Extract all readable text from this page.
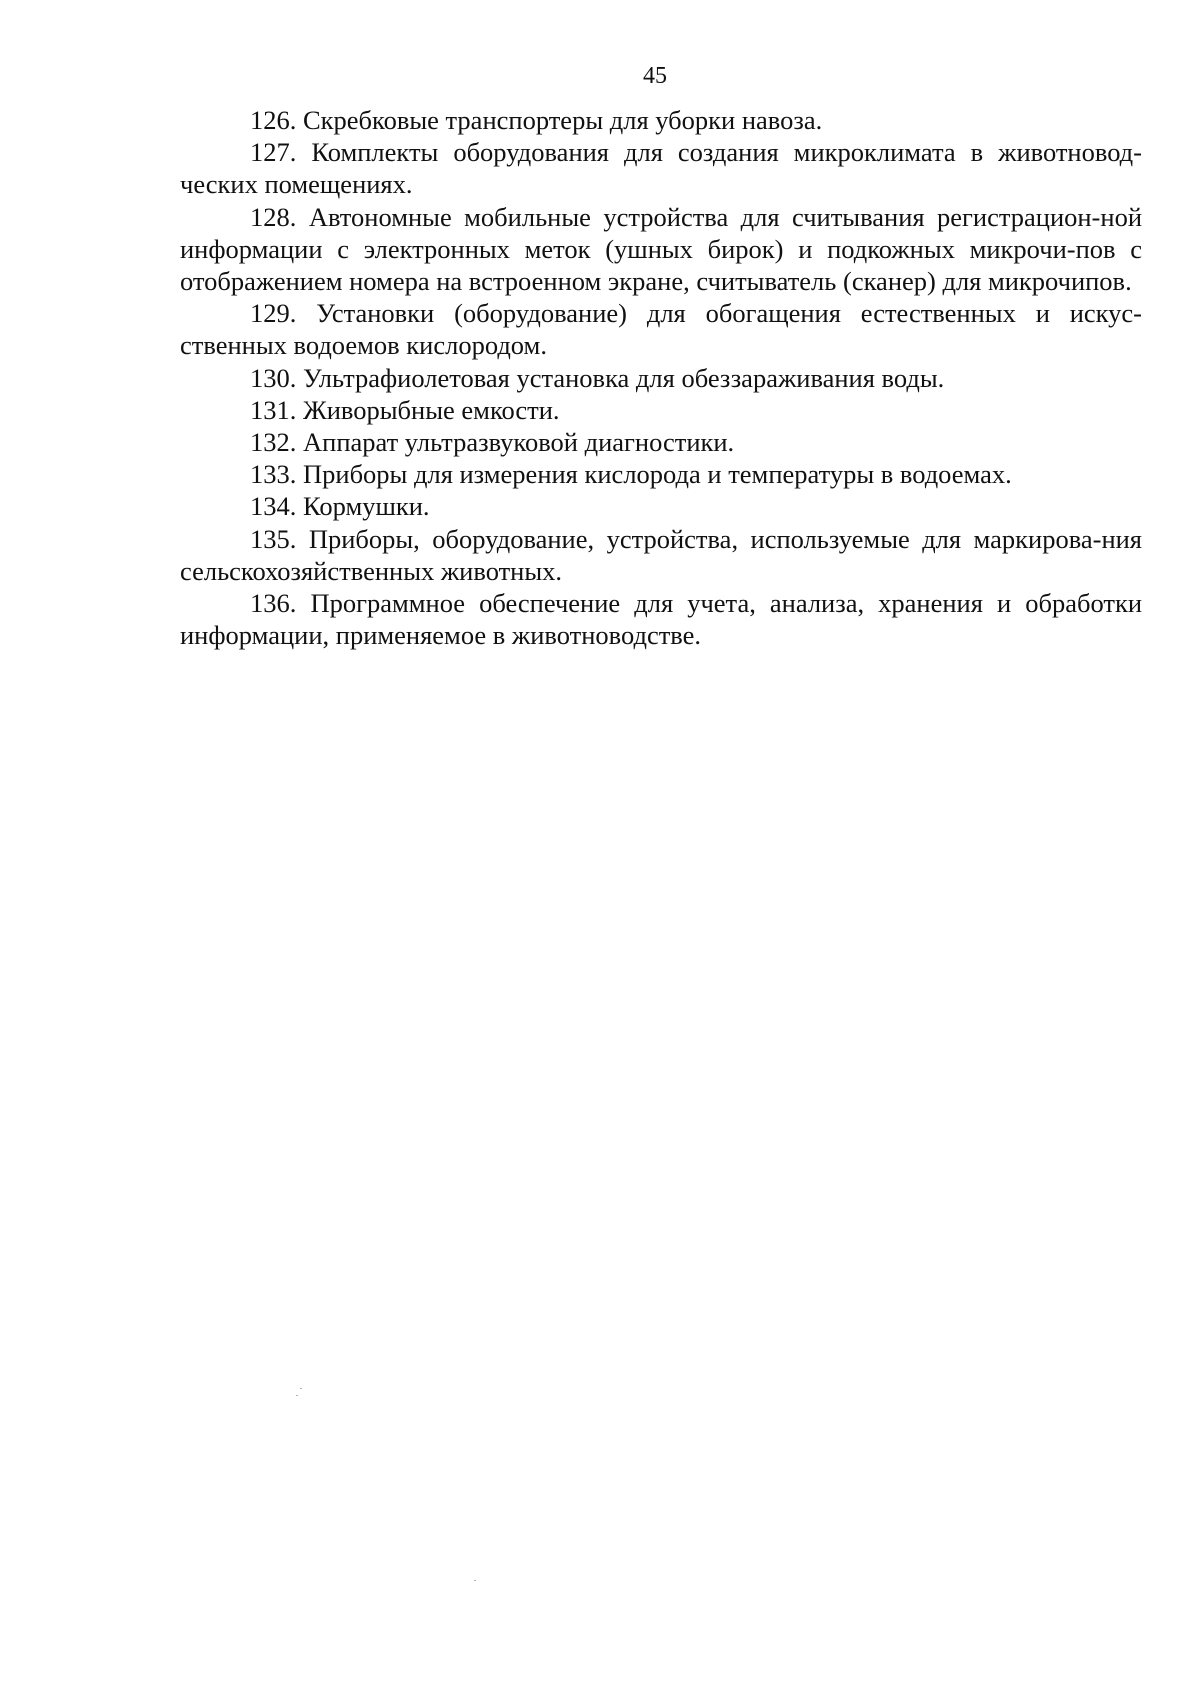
45

126. Скребковые транспортеры для уборки навоза.

127. Комплекты оборудования для создания микроклимата в животновод-ческих помещениях.

128. Автономные мобильные устройства для считывания регистрацион-ной информации с электронных меток (ушных бирок) и подкожных микрочи-пов с отображением номера на встроенном экране, считыватель (сканер) для микрочипов.

129. Установки (оборудование) для обогащения естественных и искус-ственных водоемов кислородом.

130. Ультрафиолетовая установка для обеззараживания воды.

131. Живорыбные емкости.

132. Аппарат ультразвуковой диагностики.

133. Приборы для измерения кислорода и температуры в водоемах.

134. Кормушки.

135. Приборы, оборудование, устройства, используемые для маркирова-ния сельскохозяйственных животных.

136. Программное обеспечение для учета, анализа, хранения и обработки информации, применяемое в животноводстве.
